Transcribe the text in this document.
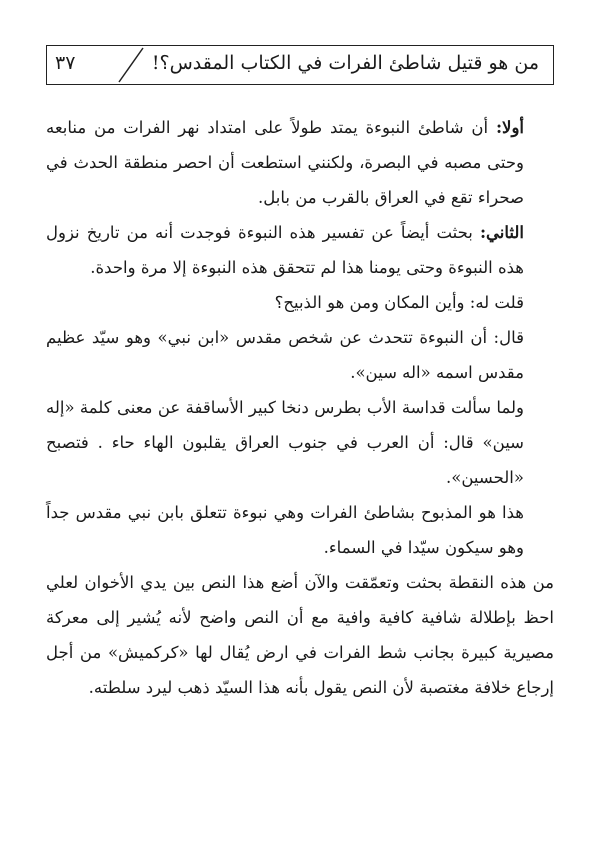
٣٧	من هو قتيل شاطئ الفرات في الكتاب المقدس؟!

أولا: أن شاطئ النبوءة يمتد طولاً على امتداد نهر الفرات من منابعه وحتى مصبه في البصرة، ولكنني استطعت أن احصر منطقة الحدث في صحراء تقع في العراق بالقرب من بابل.

الثاني: بحثت أيضاً عن تفسير هذه النبوءة فوجدت أنه من تاريخ نزول هذه النبوءة وحتى يومنا هذا لم تتحقق هذه النبوءة إلا مرة واحدة.

قلت له: وأين المكان ومن هو الذبيح؟

قال: أن النبوءة تتحدث عن شخص مقدس «ابن نبي» وهو سيّد عظيم مقدس اسمه «اله سين».

ولما سألت قداسة الأب بطرس دنخا كبير الأساقفة عن معنى كلمة «إله سين» قال: أن العرب في جنوب العراق يقلبون الهاء حاء . فتصبح «الحسين».

هذا هو المذبوح بشاطئ الفرات وهي نبوءة تتعلق بابن نبي مقدس جداً وهو سيكون سيّدا في السماء.

من هذه النقطة بحثت وتعمّقت والآن أضع هذا النص بين يدي الأخوان لعلي احظ بإطلالة شافية كافية وافية مع أن النص واضح لأنه يُشير إلى معركة مصيرية كبيرة بجانب شط الفرات في ارض يُقال لها «كركميش» من أجل إرجاع خلافة مغتصبة لأن النص يقول بأنه هذا السيّد ذهب ليرد سلطته.
